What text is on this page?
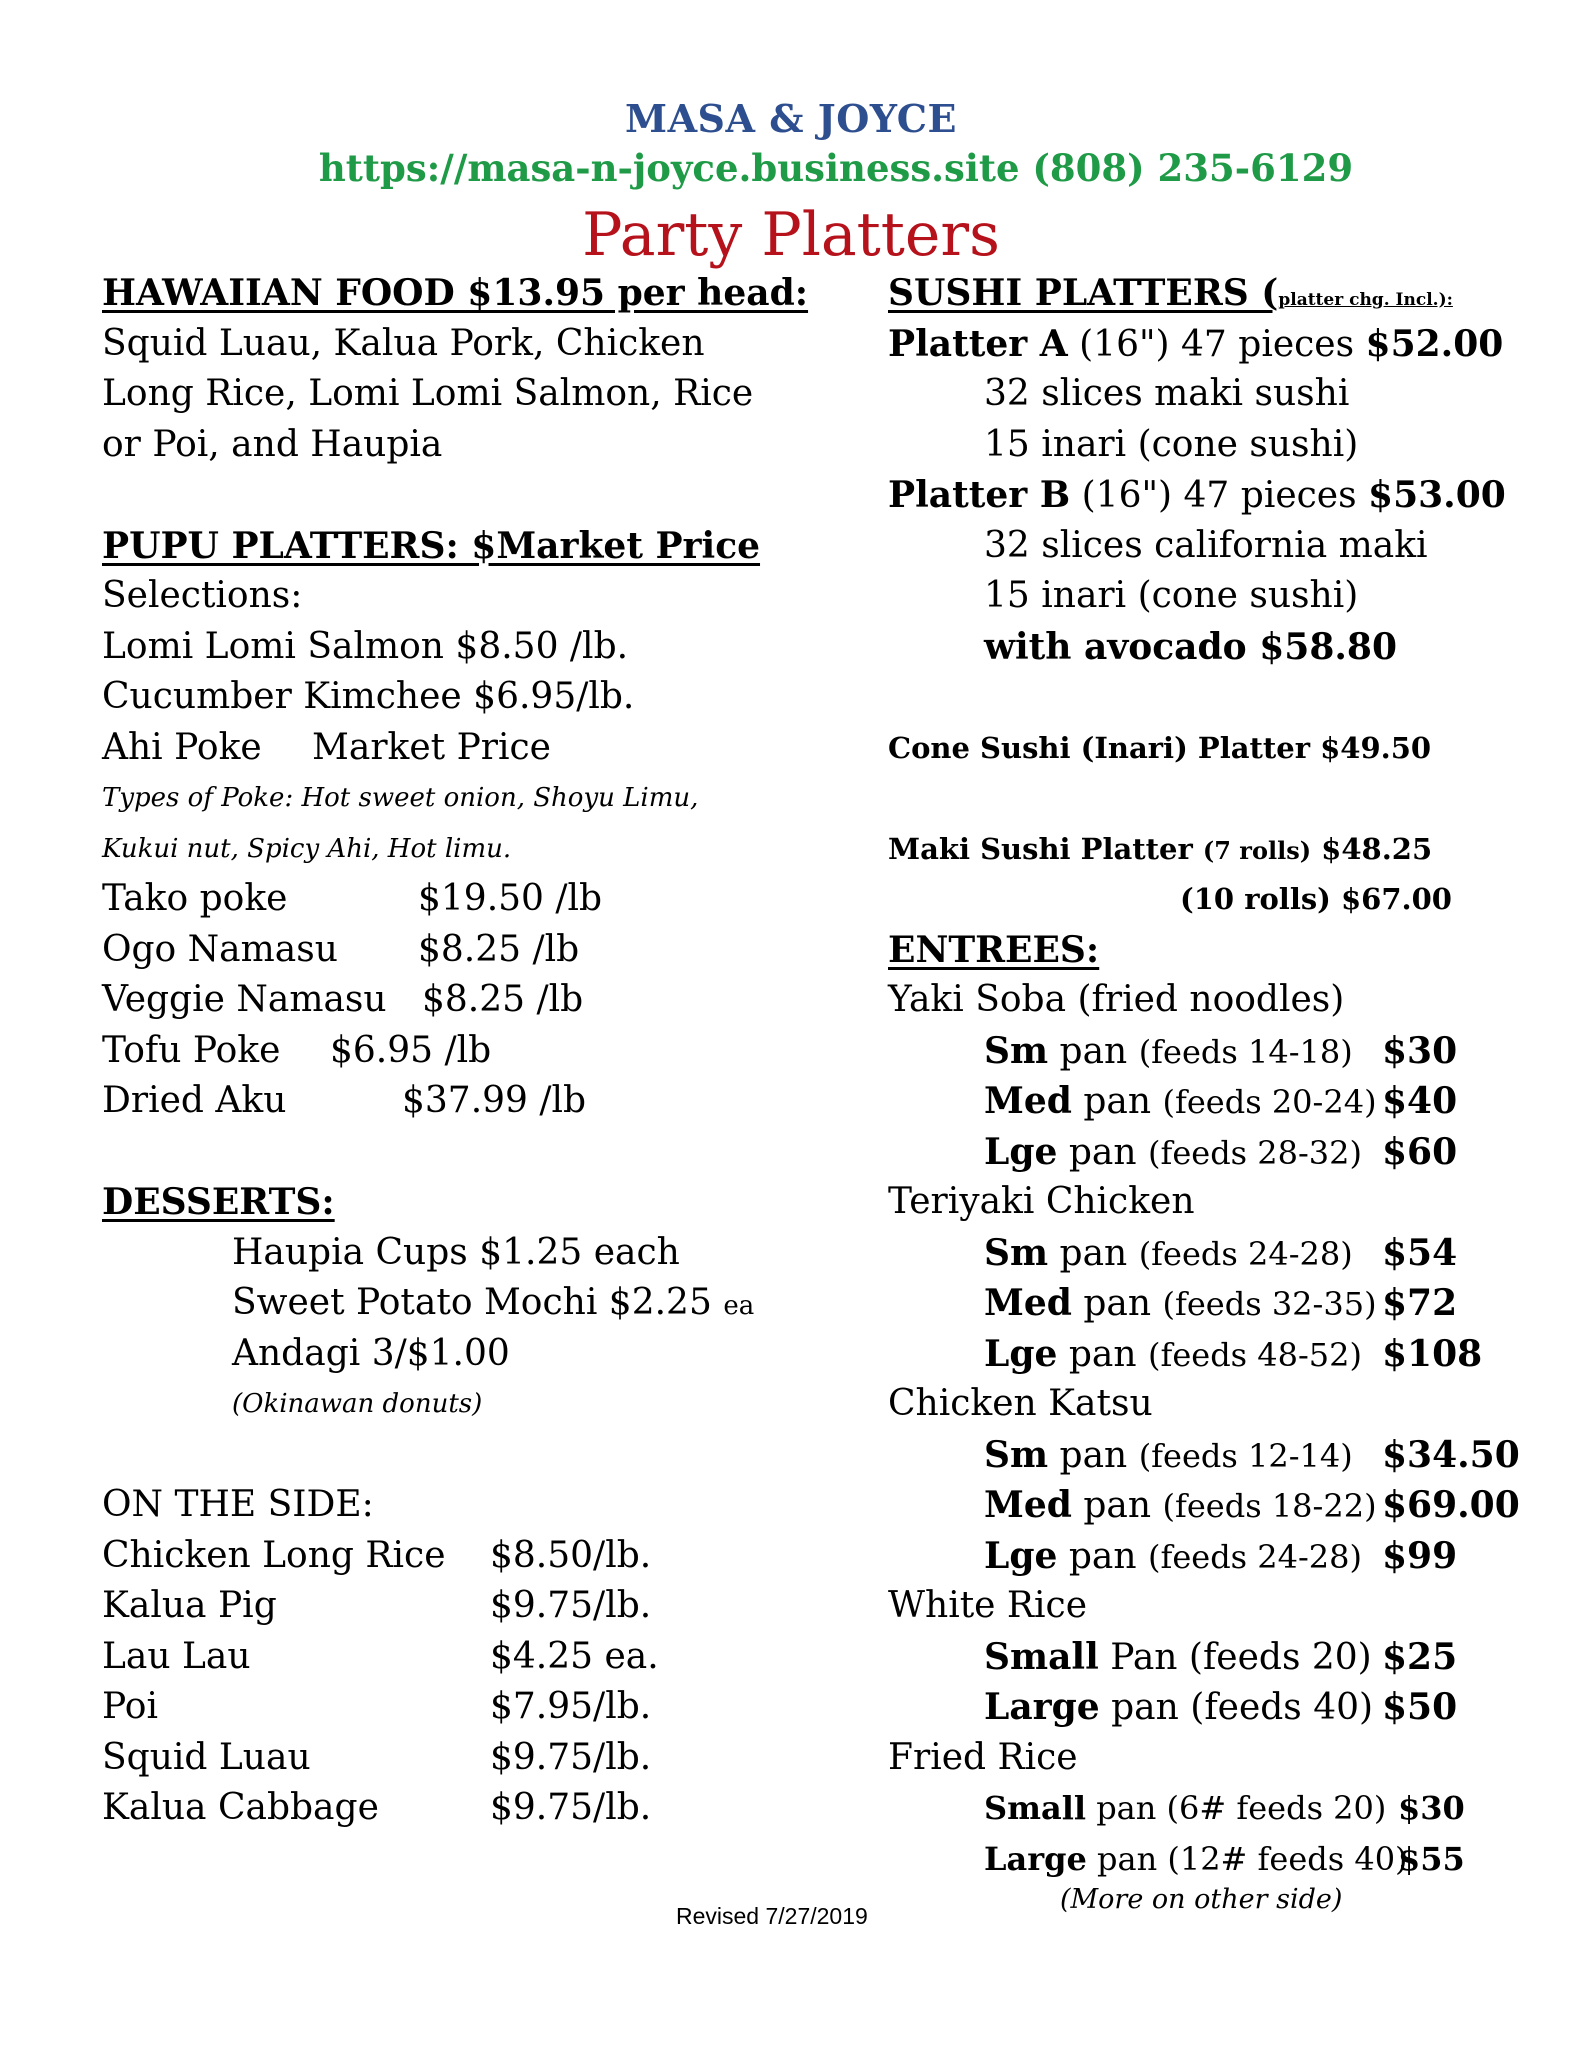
MASA & JOYCE
https://masa-n-joyce.business.site (808) 235-6129
Party Platters
HAWAIIAN FOOD $13.95 per head:
Squid Luau, Kalua Pork, Chicken
Long Rice, Lomi Lomi Salmon, Rice
or Poi, and Haupia
PUPU PLATTERS: $Market Price
Selections:
Lomi Lomi Salmon $8.50 /lb.
Cucumber Kimchee $6.95/lb.
Ahi Poke Market Price
Types of Poke: Hot sweet onion, Shoyu Limu,
Kukui nut, Spicy Ahi, Hot limu.
Tako poke	$19.50 /lb
Ogo Namasu $8.25 /lb
Veggie Namasu $8.25 /lb
Tofu Poke $6.95 /lb
Dried Aku	$37.99 /lb
DESSERTS:
Haupia Cups $1.25 each
Sweet Potato Mochi $2.25 ea
Andagi 3/$1.00
(Okinawan donuts)
ON THE SIDE:
Chicken Long Rice $8.50/lb.
Kalua Pig	$9.75/lb.
Lau Lau	$4.25 ea.
Poi	$7.95/lb.
Squid Luau	$9.75/lb.
Kalua Cabbage	$9.75/lb.
SUSHI PLATTERS (platter chg. Incl.):
Platter A (16") 47 pieces $52.00
32 slices maki sushi
15 inari (cone sushi)
Platter B (16") 47 pieces $53.00
32 slices california maki
15 inari (cone sushi)
with avocado $58.80
Cone Sushi (Inari) Platter $49.50
Maki Sushi Platter (7 rolls) $48.25
(10 rolls) $67.00
ENTREES:
Yaki Soba (fried noodles)
Sm pan (feeds 14-18) $30
Med pan (feeds 20-24) $40
Lge pan (feeds 28-32) $60
Teriyaki Chicken
Sm pan (feeds 24-28) $54
Med pan (feeds 32-35) $72
Lge pan (feeds 48-52) $108
Chicken Katsu
Sm pan (feeds 12-14) $34.50
Med pan (feeds 18-22) $69.00
Lge pan (feeds 24-28) $99
White Rice
Small Pan (feeds 20) $25
Large pan (feeds 40) $50
Fried Rice
Small pan (6# feeds 20) $30
Large pan (12# feeds 40)$55
(More on other side)
Revised 7/27/2019
